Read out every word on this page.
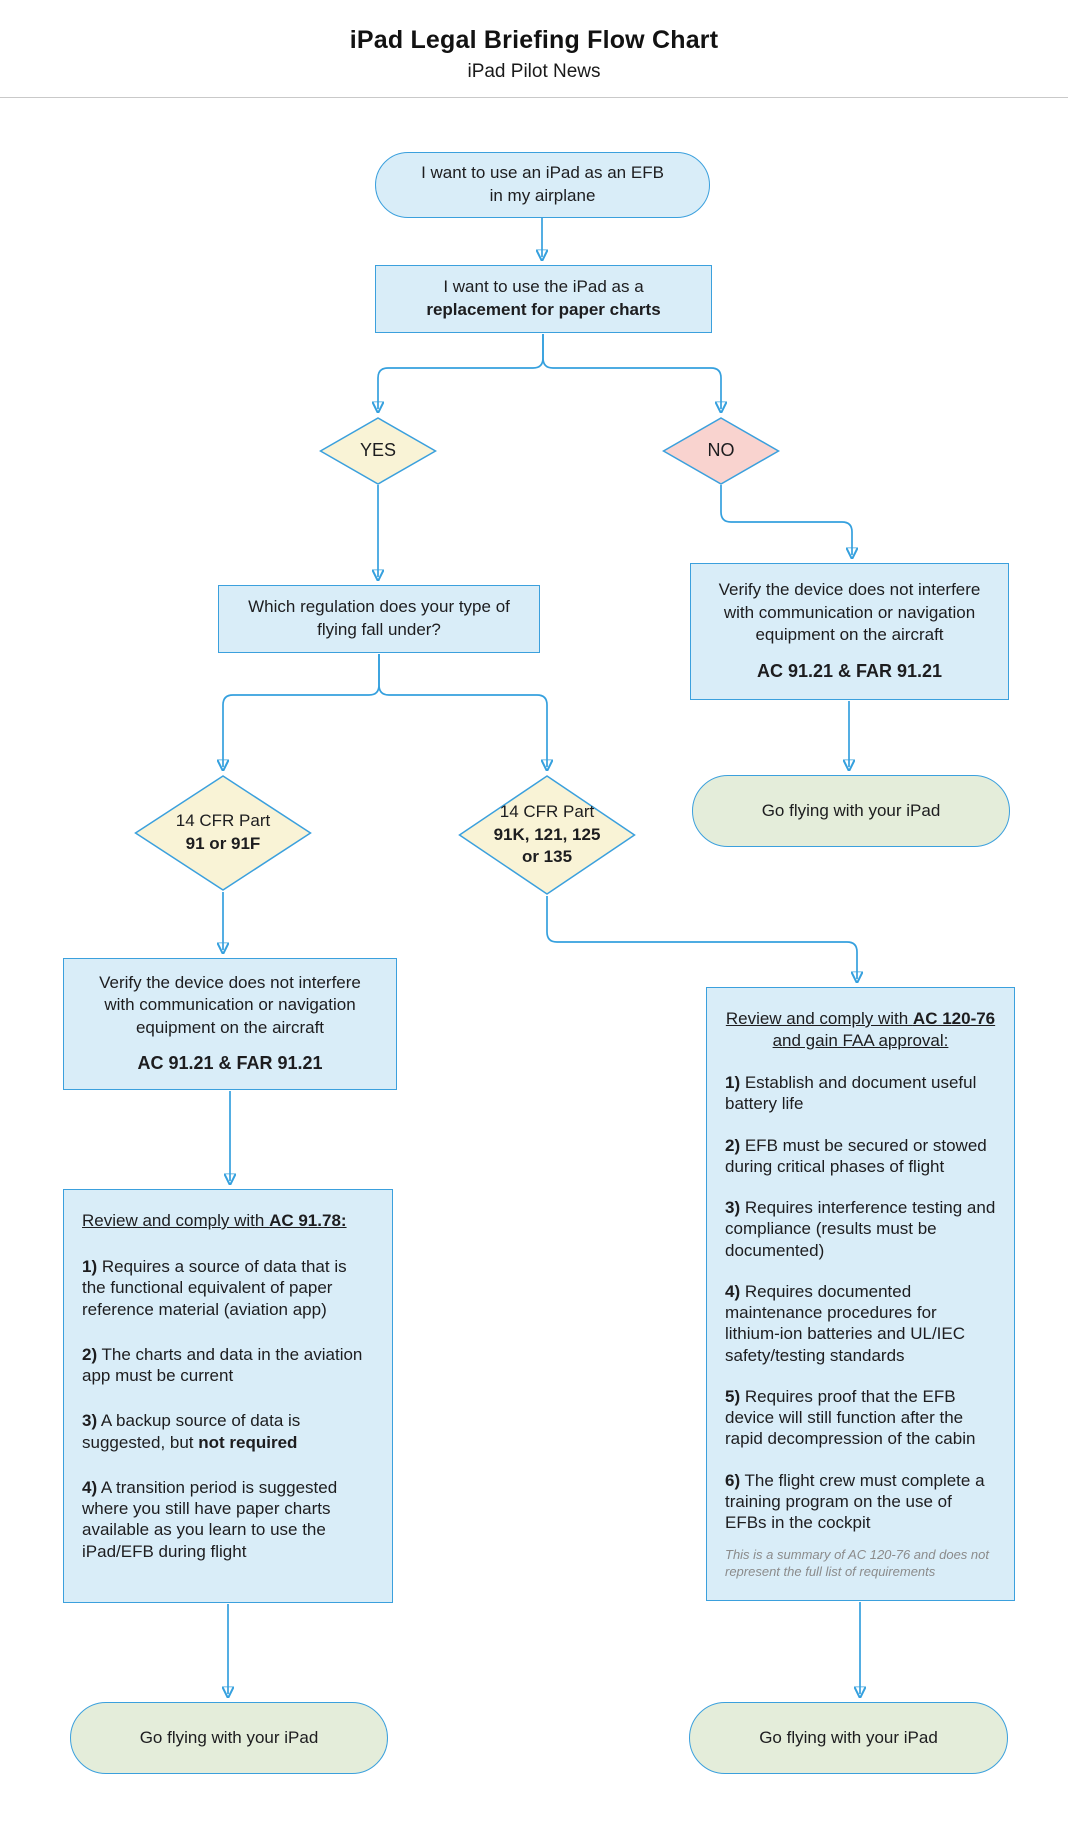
iPad Legal Briefing Flow Chart
iPad Pilot News
I want to use an iPad as an EFB
in my airplane
I want to use the iPad as a
replacement for paper charts
YES	NO
Which regulation does your type of
flying fall under?
Verify the device does not interfere with communication or navigation equipment on the aircraft
AC 91.21 & FAR 91.21
Go flying with your iPad
14 CFR Part
91 or 91F
14 CFR Part
91K, 121, 125
or 135
Verify the device does not interfere with communication or navigation equipment on the aircraft
AC 91.21 & FAR 91.21
Review and comply with AC 91.78:

1) Requires a source of data that is the functional equivalent of paper reference material (aviation app)

2) The charts and data in the aviation app must be current

3) A backup source of data is suggested, but not required

4) A transition period is suggested where you still have paper charts available as you learn to use the iPad/EFB during flight

Review and comply with AC 120-76
and gain FAA approval:

1) Establish and document useful battery life

2) EFB must be secured or stowed during critical phases of flight

3) Requires interference testing and compliance (results must be documented)

4) Requires documented maintenance procedures for lithium-ion batteries and UL/IEC safety/testing standards

5) Requires proof that the EFB device will still function after the rapid decompression of the cabin

6) The flight crew must complete a training program on the use of EFBs in the cockpit

This is a summary of AC 120-76 and does not represent the full list of requirements
Go flying with your iPad	Go flying with your iPad
